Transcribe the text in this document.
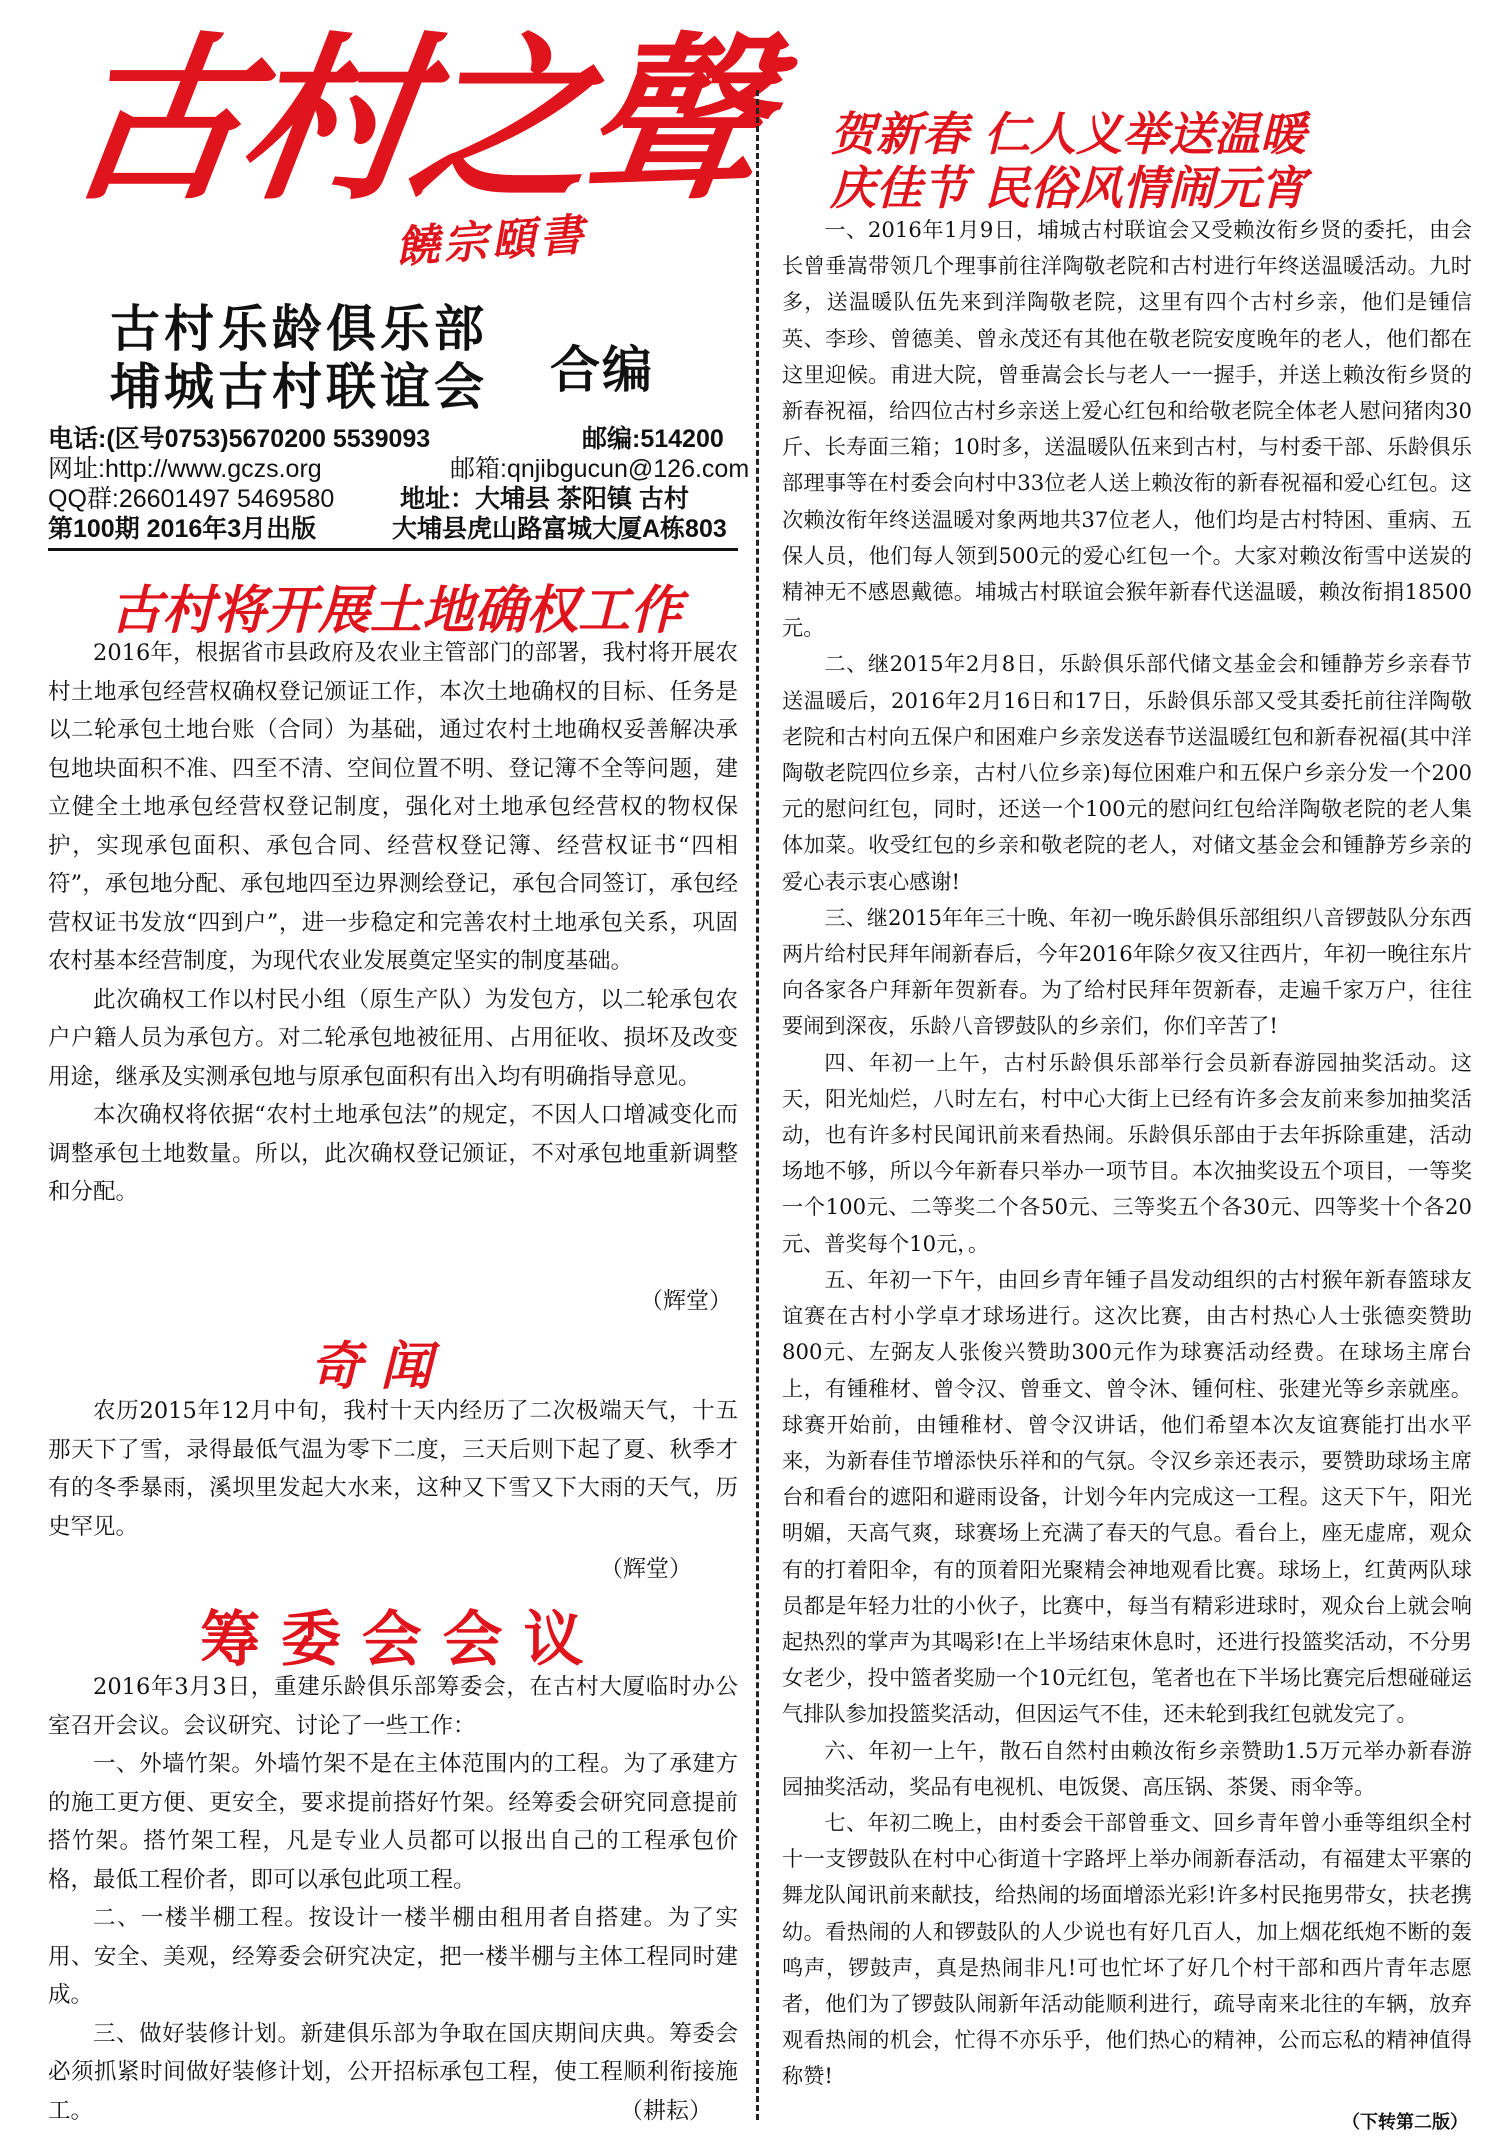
古村之聲
饒宗頤書
古村乐龄俱乐部
埔城古村联谊会 合编
电话:(区号0753)5670200 5539093	邮编:514200
网址:http://www.gczs.org	邮箱:qnjibgucun@126.com
QQ群:26601497 5469580	地址：大埔县 茶阳镇 古村
第100期 2016年3月出版	大埔县虎山路富城大厦A栋803
古村将开展土地确权工作

2016年，根据省市县政府及农业主管部门的部署，我村将开展农村土地承包经营权确权登记颁证工作，本次土地确权的目标、任务是以二轮承包土地台账（合同）为基础，通过农村土地确权妥善解决承包地块面积不准、四至不清、空间位置不明、登记簿不全等问题，建立健全土地承包经营权登记制度，强化对土地承包经营权的物权保护，实现承包面积、承包合同、经营权登记簿、经营权证书“四相符”，承包地分配、承包地四至边界测绘登记，承包合同签订，承包经营权证书发放“四到户”，进一步稳定和完善农村土地承包关系，巩固农村基本经营制度，为现代农业发展奠定坚实的制度基础。

此次确权工作以村民小组（原生产队）为发包方，以二轮承包农户户籍人员为承包方。对二轮承包地被征用、占用征收、损坏及改变用途，继承及实测承包地与原承包面积有出入均有明确指导意见。

本次确权将依据“农村土地承包法”的规定，不因人口增减变化而调整承包土地数量。所以，此次确权登记颁证，不对承包地重新调整和分配。

（辉堂）
奇 闻

农历2015年12月中旬，我村十天内经历了二次极端天气，十五那天下了雪，录得最低气温为零下二度，三天后则下起了夏、秋季才有的冬季暴雨，溪坝里发起大水来，这种又下雪又下大雨的天气，历史罕见。

（辉堂）
筹 委 会 会 议

2016年3月3日，重建乐龄俱乐部筹委会，在古村大厦临时办公室召开会议。会议研究、讨论了一些工作：

一、外墙竹架。外墙竹架不是在主体范围内的工程。为了承建方的施工更方便、更安全，要求提前搭好竹架。经筹委会研究同意提前搭竹架。搭竹架工程，凡是专业人员都可以报出自己的工程承包价格，最低工程价者，即可以承包此项工程。

二、一楼半棚工程。按设计一楼半棚由租用者自搭建。为了实用、安全、美观，经筹委会研究决定，把一楼半棚与主体工程同时建成。

三、做好装修计划。新建俱乐部为争取在国庆期间庆典。筹委会必须抓紧时间做好装修计划，公开招标承包工程，使工程顺利衔接施工。	（耕耘）
贺新春 仁人义举送温暖
庆佳节 民俗风情闹元宵

一、2016年1月9日，埔城古村联谊会又受赖汝衔乡贤的委托，由会长曾垂嵩带领几个理事前往洋陶敬老院和古村进行年终送温暖活动。九时多，送温暖队伍先来到洋陶敬老院，这里有四个古村乡亲，他们是锺信英、李珍、曾德美、曾永茂还有其他在敬老院安度晚年的老人，他们都在这里迎候。甫进大院，曾垂嵩会长与老人一一握手，并送上赖汝衔乡贤的新春祝福，给四位古村乡亲送上爱心红包和给敬老院全体老人慰问猪肉30斤、长寿面三箱；10时多，送温暖队伍来到古村，与村委干部、乐龄俱乐部理事等在村委会向村中33位老人送上赖汝衔的新春祝福和爱心红包。这次赖汝衔年终送温暖对象两地共37位老人，他们均是古村特困、重病、五保人员，他们每人领到500元的爱心红包一个。大家对赖汝衔雪中送炭的精神无不感恩戴德。埔城古村联谊会猴年新春代送温暖，赖汝衔捐18500元。

二、继2015年2月8日，乐龄俱乐部代储文基金会和锺静芳乡亲春节送温暖后，2016年2月16日和17日，乐龄俱乐部又受其委托前往洋陶敬老院和古村向五保户和困难户乡亲发送春节送温暖红包和新春祝福(其中洋陶敬老院四位乡亲，古村八位乡亲)每位困难户和五保户乡亲分发一个200元的慰问红包，同时，还送一个100元的慰问红包给洋陶敬老院的老人集体加菜。收受红包的乡亲和敬老院的老人，对储文基金会和锺静芳乡亲的爱心表示衷心感谢!

三、继2015年年三十晚、年初一晚乐龄俱乐部组织八音锣鼓队分东西两片给村民拜年闹新春后，今年2016年除夕夜又往西片，年初一晚往东片向各家各户拜新年贺新春。为了给村民拜年贺新春，走遍千家万户，往往要闹到深夜，乐龄八音锣鼓队的乡亲们，你们辛苦了!

四、年初一上午，古村乐龄俱乐部举行会员新春游园抽奖活动。这天，阳光灿烂，八时左右，村中心大街上已经有许多会友前来参加抽奖活动，也有许多村民闻讯前来看热闹。乐龄俱乐部由于去年拆除重建，活动场地不够，所以今年新春只举办一项节目。本次抽奖设五个项目，一等奖一个100元、二等奖二个各50元、三等奖五个各30元、四等奖十个各20元、普奖每个10元，。

五、年初一下午，由回乡青年锺子昌发动组织的古村猴年新春篮球友谊赛在古村小学卓才球场进行。这次比赛，由古村热心人士张德奕赞助800元、左弼友人张俊兴赞助300元作为球赛活动经费。在球场主席台上，有锺稚材、曾令汉、曾垂文、曾令沐、锺何柱、张建光等乡亲就座。球赛开始前，由锺稚材、曾令汉讲话，他们希望本次友谊赛能打出水平来，为新春佳节增添快乐祥和的气氛。令汉乡亲还表示，要赞助球场主席台和看台的遮阳和避雨设备，计划今年内完成这一工程。这天下午，阳光明媚，天高气爽，球赛场上充满了春天的气息。看台上，座无虚席，观众有的打着阳伞，有的顶着阳光聚精会神地观看比赛。球场上，红黄两队球员都是年轻力壮的小伙子，比赛中，每当有精彩进球时，观众台上就会响起热烈的掌声为其喝彩!在上半场结束休息时，还进行投篮奖活动，不分男女老少，投中篮者奖励一个10元红包，笔者也在下半场比赛完后想碰碰运气排队参加投篮奖活动，但因运气不佳，还未轮到我红包就发完了。

六、年初一上午，散石自然村由赖汝衔乡亲赞助1.5万元举办新春游园抽奖活动，奖品有电视机、电饭煲、高压锅、茶煲、雨伞等。

七、年初二晚上，由村委会干部曾垂文、回乡青年曾小垂等组织全村十一支锣鼓队在村中心街道十字路坪上举办闹新春活动，有福建太平寨的舞龙队闻讯前来献技，给热闹的场面增添光彩!许多村民拖男带女，扶老携幼。看热闹的人和锣鼓队的人少说也有好几百人，加上烟花纸炮不断的轰鸣声，锣鼓声，真是热闹非凡!可也忙坏了好几个村干部和西片青年志愿者，他们为了锣鼓队闹新年活动能顺利进行，疏导南来北往的车辆，放弃观看热闹的机会，忙得不亦乐乎，他们热心的精神，公而忘私的精神值得称赞!

（下转第二版）
